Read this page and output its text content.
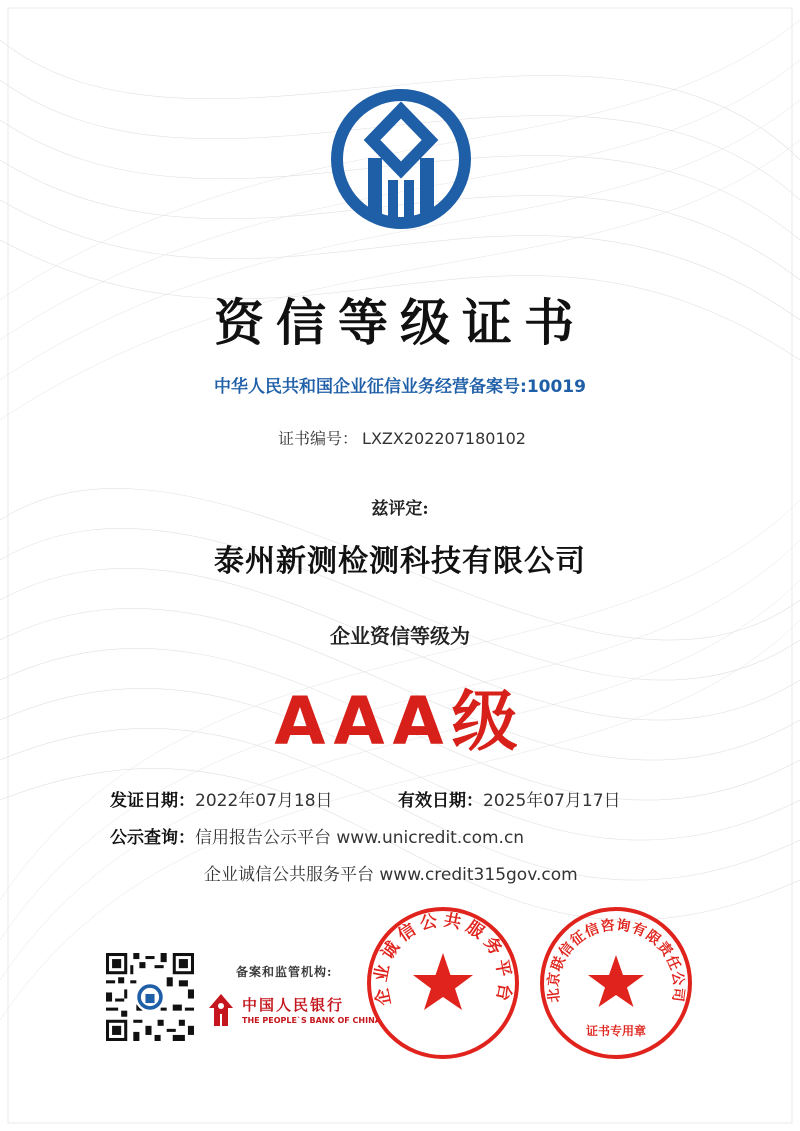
资信等级证书
中华人民共和国企业征信业务经营备案号:10019
证书编号： LXZX202207180102
兹评定:
泰州新测检测科技有限公司
企业资信等级为
AAA级
发证日期：2022年07月18日	有效日期：2025年07月17日
公示查询：信用报告公示平台 www.unicredit.com.cn
企业诚信公共服务平台 www.credit315gov.com
备案和监管机构:
中国人民银行
THE PEOPLE`S BANK OF CHINA
企业诚信公共服务平台 北京联信征信咨询有限责任公司
证书专用章
